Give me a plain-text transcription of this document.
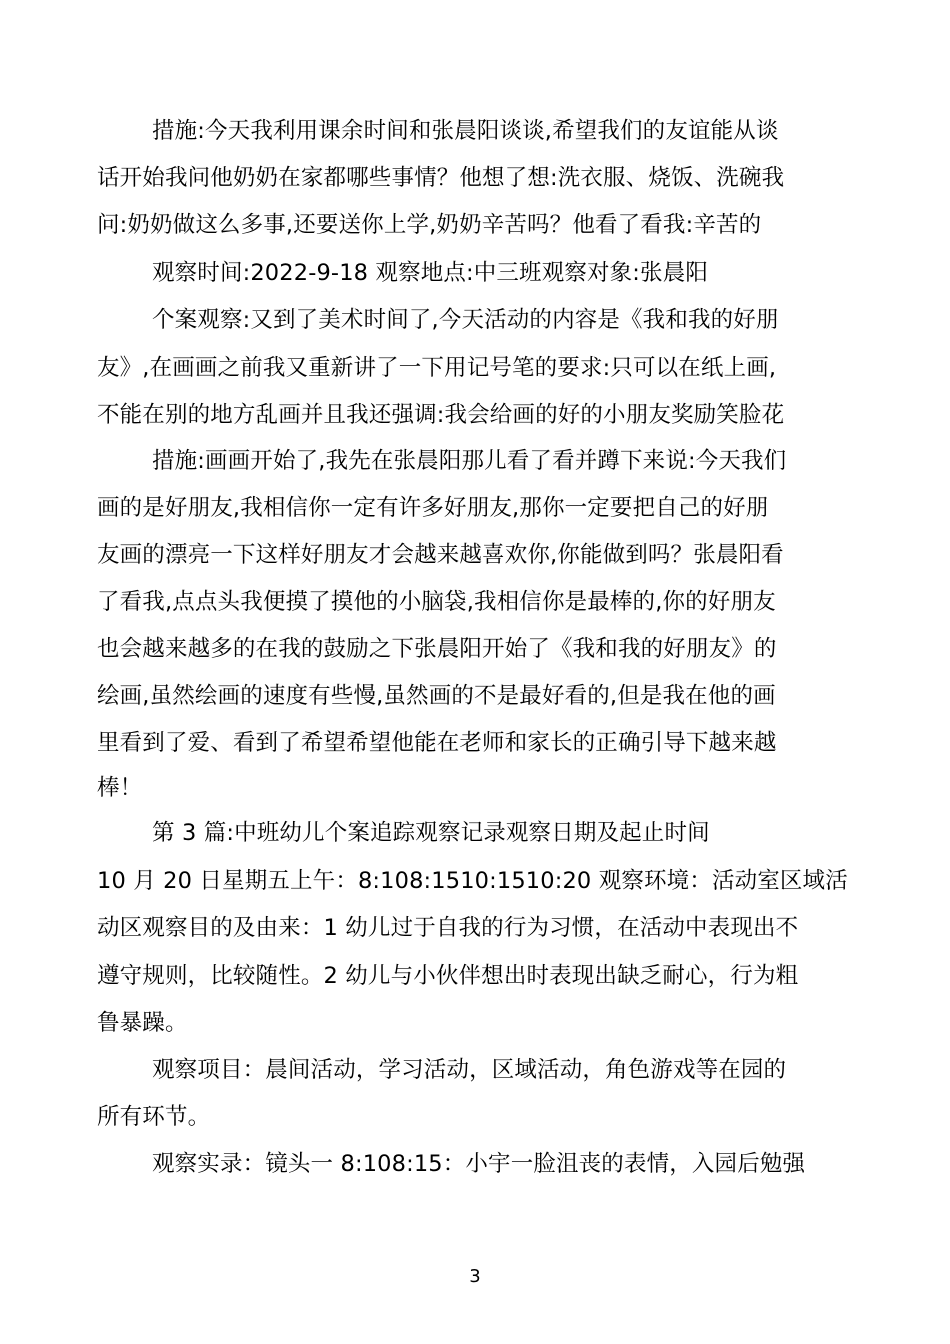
措施:今天我利用课余时间和张晨阳谈谈,希望我们的友谊能从谈
话开始我问他奶奶在家都哪些事情？他想了想:洗衣服、烧饭、洗碗我
问:奶奶做这么多事,还要送你上学,奶奶辛苦吗？他看了看我:辛苦的
观察时间:2022-9-18 观察地点:中三班观察对象:张晨阳
个案观察:又到了美术时间了,今天活动的内容是《我和我的好朋
友》,在画画之前我又重新讲了一下用记号笔的要求:只可以在纸上画,
不能在别的地方乱画并且我还强调:我会给画的好的小朋友奖励笑脸花
措施:画画开始了,我先在张晨阳那儿看了看并蹲下来说:今天我们
画的是好朋友,我相信你一定有许多好朋友,那你一定要把自己的好朋
友画的漂亮一下这样好朋友才会越来越喜欢你,你能做到吗？张晨阳看
了看我,点点头我便摸了摸他的小脑袋,我相信你是最棒的,你的好朋友
也会越来越多的在我的鼓励之下张晨阳开始了《我和我的好朋友》的
绘画,虽然绘画的速度有些慢,虽然画的不是最好看的,但是我在他的画
里看到了爱、看到了希望希望他能在老师和家长的正确引导下越来越
棒！
第 3 篇:中班幼儿个案追踪观察记录观察日期及起止时间
10 月 20 日星期五上午：8:108:1510:1510:20 观察环境：活动室区域活
动区观察目的及由来：1 幼儿过于自我的行为习惯，在活动中表现出不
遵守规则，比较随性。2 幼儿与小伙伴想出时表现出缺乏耐心，行为粗
鲁暴躁。
观察项目：晨间活动，学习活动，区域活动，角色游戏等在园的
所有环节。
观察实录：镜头一 8:108:15：小宇一脸沮丧的表情，入园后勉强
3
